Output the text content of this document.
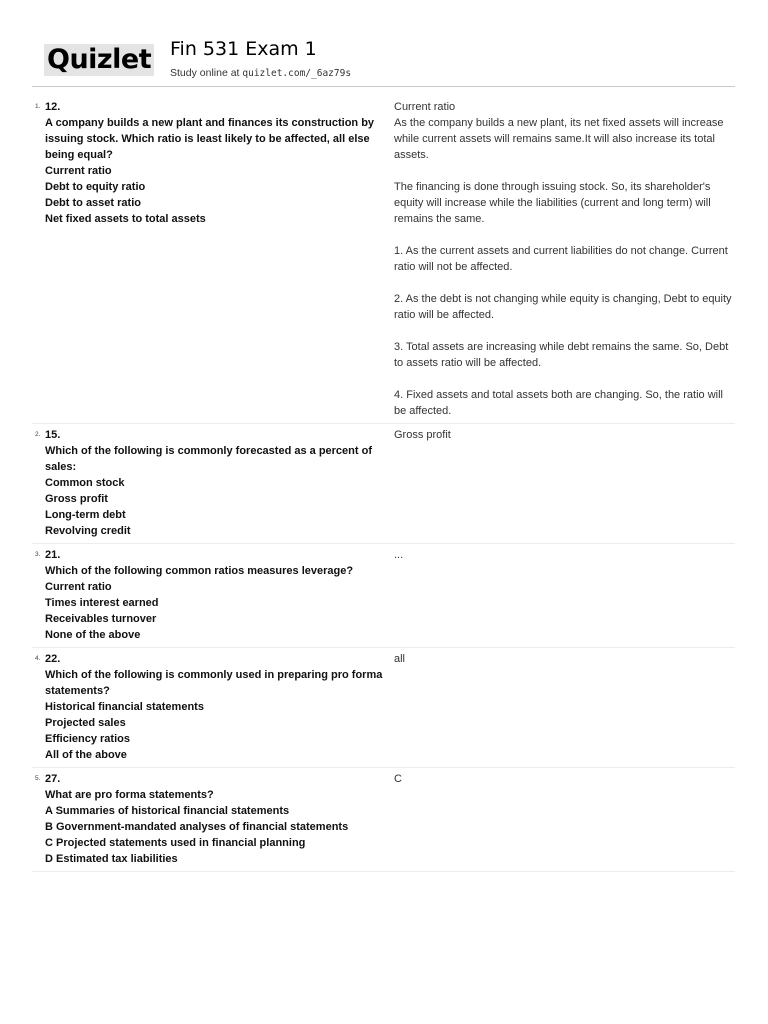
Quizlet Fin 531 Exam 1
Study online at quizlet.com/_6az79s
1. 12.
A company builds a new plant and finances its construction by issuing stock. Which ratio is least likely to be affected, all else being equal?
Current ratio
Debt to equity ratio
Debt to asset ratio
Net fixed assets to total assets
Current ratio
As the company builds a new plant, its net fixed assets will increase while current assets will remains same.It will also increase its total assets.

The financing is done through issuing stock. So, its shareholder's equity will increase while the liabilities (current and long term) will remains the same.

1. As the current assets and current liabilities do not change. Current ratio will not be affected.

2. As the debt is not changing while equity is changing, Debt to equity ratio will be affected.

3. Total assets are increasing while debt remains the same. So, Debt to assets ratio will be affected.

4. Fixed assets and total assets both are changing. So, the ratio will be affected.
2. 15.
Which of the following is commonly forecasted as a percent of sales:
Common stock
Gross profit
Long-term debt
Revolving credit
Gross profit
3. 21.
Which of the following common ratios measures leverage?
Current ratio
Times interest earned
Receivables turnover
None of the above
...
4. 22.
Which of the following is commonly used in preparing pro forma statements?
Historical financial statements
Projected sales
Efficiency ratios
All of the above
all
5. 27.
What are pro forma statements?
A Summaries of historical financial statements
B Government-mandated analyses of financial statements
C Projected statements used in financial planning
D Estimated tax liabilities
C
